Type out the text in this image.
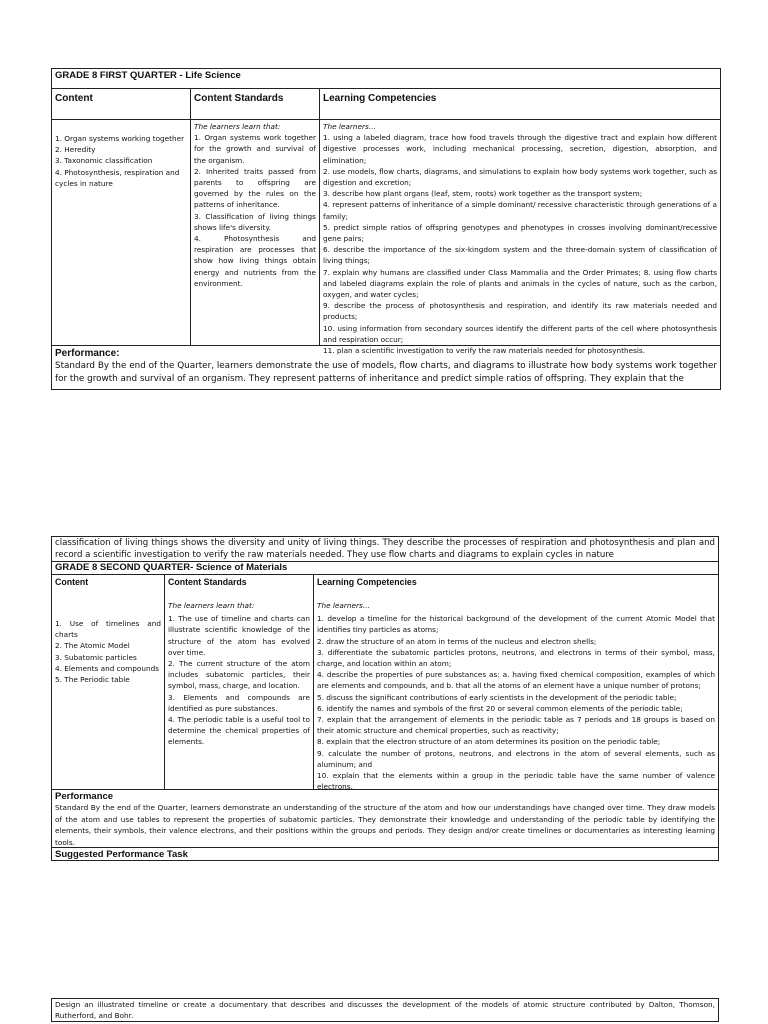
GRADE 8 FIRST QUARTER - Life Science
Content	Content Standards	Learning Competencies

1. Organ systems working together

2. Heredity

3. Taxonomic classification

4. Photosynthesis, respiration and cycles in nature

The learners learn that:

1. Organ systems work together for the growth and survival of the organism.

2. Inherited traits passed from parents to offspring are governed by the rules on the patterns of inheritance.

3. Classification of living things shows life's diversity.

4. Photosynthesis and respiration are processes that show how living things obtain energy and nutrients from the environment.

The learners…

1. using a labeled diagram, trace how food travels through the digestive tract and explain how different digestive processes work, including mechanical processing, secretion, digestion, absorption, and elimination;

2. use models, flow charts, diagrams, and simulations to explain how body systems work together, such as digestion and excretion;

3. describe how plant organs (leaf, stem, roots) work together as the transport system;

4. represent patterns of inheritance of a simple dominant/ recessive characteristic through generations of a family;

5. predict simple ratios of offspring genotypes and phenotypes in crosses involving dominant/recessive gene pairs;

6. describe the importance of the six-kingdom system and the three-domain system of classification of living things;

7. explain why humans are classified under Class Mammalia and the Order Primates; 8. using flow charts and labeled diagrams explain the role of plants and animals in the cycles of nature, such as the carbon, oxygen, and water cycles;

9. describe the process of photosynthesis and respiration, and identify its raw materials needed and products;

10. using information from secondary sources identify the different parts of the cell where photosynthesis and respiration occur;

11. plan a scientific investigation to verify the raw materials needed for photosynthesis.

Performance:
Standard By the end of the Quarter, learners demonstrate the use of models, flow charts, and diagrams to illustrate how body systems work together for the growth and survival of an organism. They represent patterns of inheritance and predict simple ratios of offspring. They explain that the
classification of living things shows the diversity and unity of living things. They describe the processes of respiration and photosynthesis and plan and record a scientific investigation to verify the raw materials needed. They use flow charts and diagrams to explain cycles in nature
GRADE 8 SECOND QUARTER- Science of Materials
Content

1. Use of timelines and charts

2. The Atomic Model

3. Subatomic particles

4. Elements and compounds

5. The Periodic table

Content Standards

The learners learn that:

1. The use of timeline and charts can illustrate scientific knowledge of the structure of the atom has evolved over time.

2. The current structure of the atom includes subatomic particles, their symbol, mass, charge, and location.

3. Elements and compounds are identified as pure substances.

4. The periodic table is a useful tool to determine the chemical properties of elements.

Learning Competencies

The learners…

1. develop a timeline for the historical background of the development of the current Atomic Model that identifies tiny particles as atoms;

2. draw the structure of an atom in terms of the nucleus and electron shells;

3. differentiate the subatomic particles protons, neutrons, and electrons in terms of their symbol, mass, charge, and location within an atom;

4. describe the properties of pure substances as: a. having fixed chemical composition, examples of which are elements and compounds, and b. that all the atoms of an element have a unique number of protons;

5. discuss the significant contributions of early scientists in the development of the periodic table;

6. identify the names and symbols of the first 20 or several common elements of the periodic table;

7. explain that the arrangement of elements in the periodic table as 7 periods and 18 groups is based on their atomic structure and chemical properties, such as reactivity;

8. explain that the electron structure of an atom determines its position on the periodic table;

9. calculate the number of protons, neutrons, and electrons in the atom of several elements, such as aluminum; and

10. explain that the elements within a group in the periodic table have the same number of valence electrons.

Performance
Standard By the end of the Quarter, learners demonstrate an understanding of the structure of the atom and how our understandings have changed over time. They draw models of the atom and use tables to represent the properties of subatomic particles. They demonstrate their knowledge and understanding of the periodic table by identifying the elements, their symbols, their valence electrons, and their positions within the groups and periods. They design and/or create timelines or documentaries as interesting learning tools.
Suggested Performance Task
Design an illustrated timeline or create a documentary that describes and discusses the development of the models of atomic structure contributed by Dalton, Thomson, Rutherford, and Bohr.
